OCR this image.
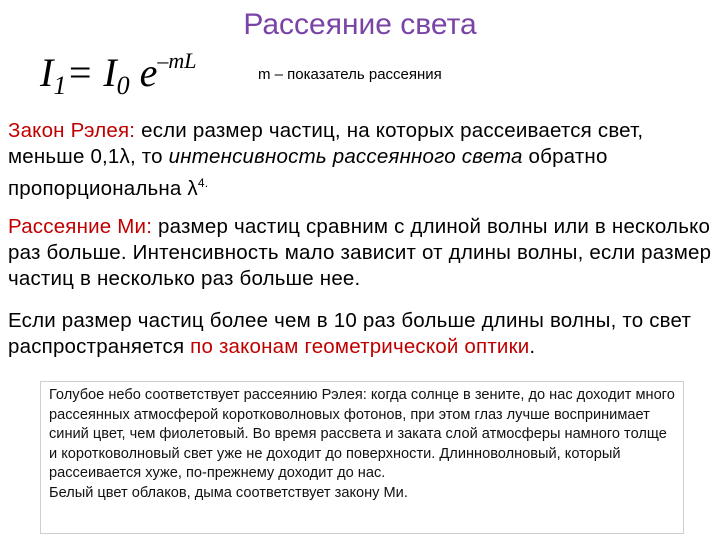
Рассеяние света
$I_1= I_0$ $e^{-mL}$
m – показатель рассеяния
Закон Рэлея: если размер частиц, на которых рассеивается свет, меньше 0,1λ, то интенсивность рассеянного света обратно пропорциональна $\lambda^{4.}$
Рассеяние Ми: размер частиц сравним с длиной волны или в несколько раз больше. Интенсивность мало зависит от длины волны, если размер частиц в несколько раз больше нее.
Если размер частиц более чем в 10 раз больше длины волны, то свет распространяется по законам геометрической оптики.
Голубое небо соответствует рассеянию Рэлея: когда солнце в зените, до нас доходит много рассеянных атмосферой коротковолновых фотонов, при этом глаз лучше воспринимает синий цвет, чем фиолетовый. Во время рассвета и заката слой атмосферы намного толще и коротковолновый свет уже не доходит до поверхности. Длинноволновый, который рассеивается хуже, по-прежнему доходит до нас.
Белый цвет облаков, дыма соответствует закону Ми.
